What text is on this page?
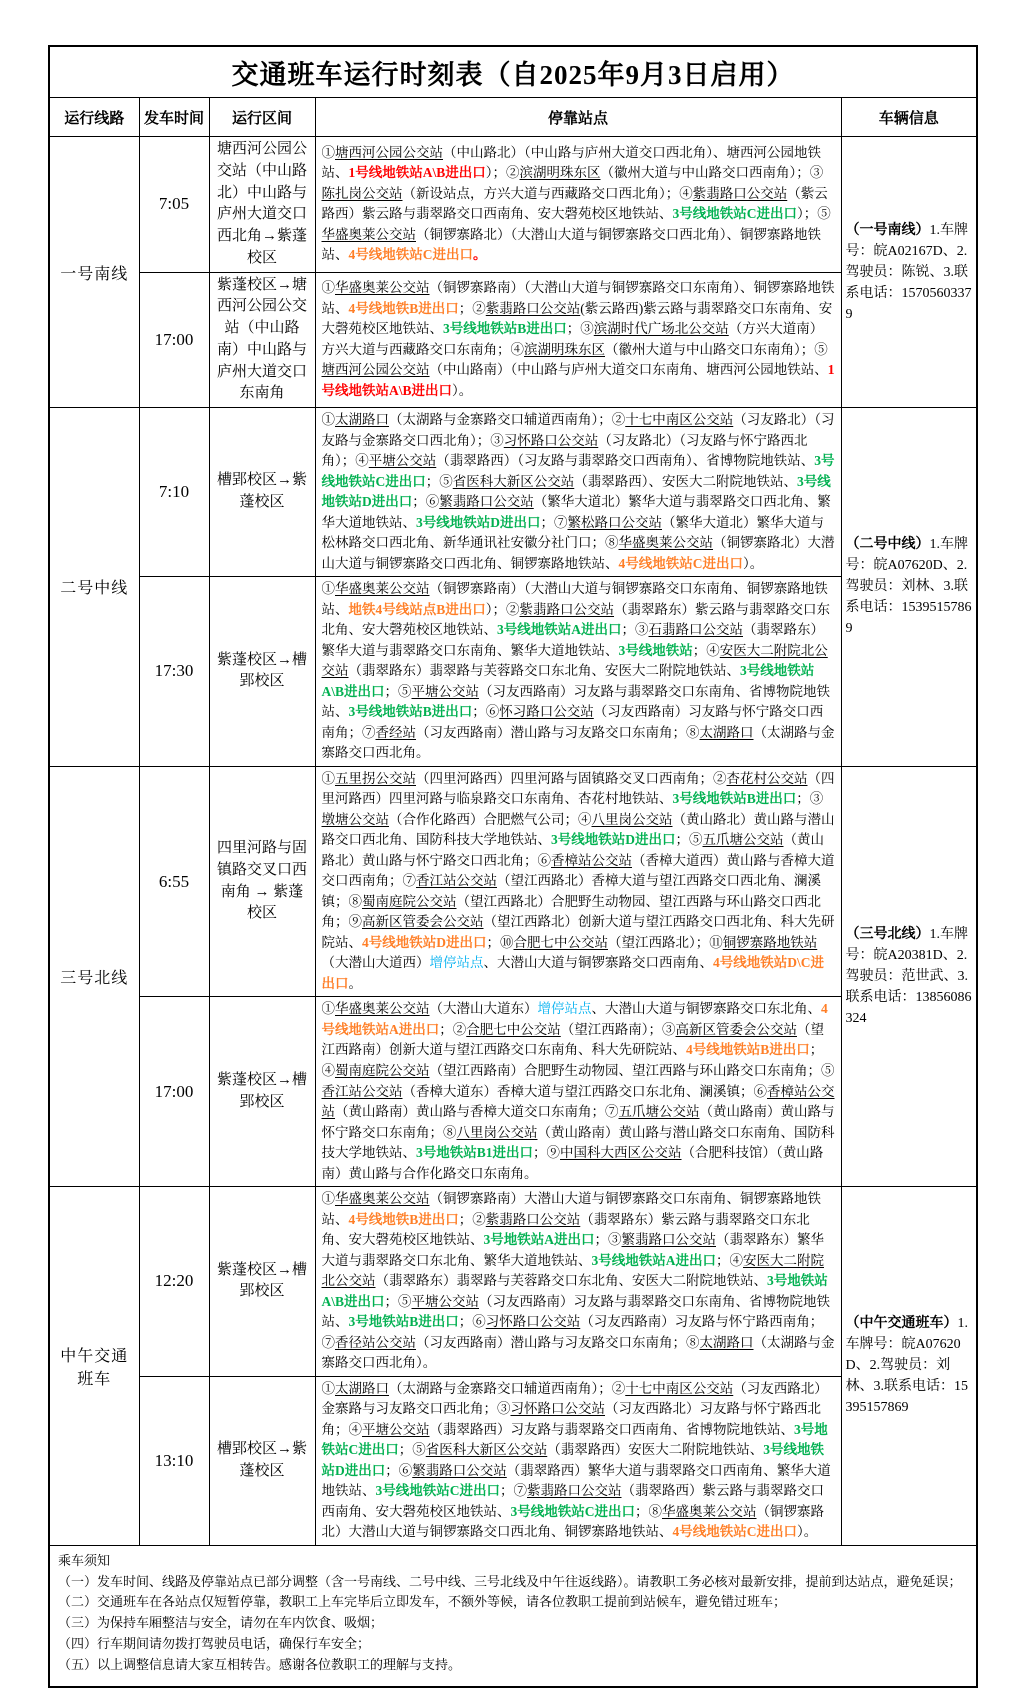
交通班车运行时刻表（自2025年9月3日启用）				
运行线路	发车时间	运行区间	停靠站点	车辆信息
一号南线	7:05	塘西河公园公交站（中山路北）中山路与庐州大道交口西北角→紫蓬校区	①塘西河公园公交站（中山路北）（中山路与庐州大道交口西北角）、塘西河公园地铁站、1号线地铁站A\B进出口）；②滨湖明珠东区（徽州大道与中山路交口西南角）；③陈扎岗公交站（新设站点，方兴大道与西藏路交口西北角）；④紫翡路口公交站（紫云路西）紫云路与翡翠路交口西南角、安大磬苑校区地铁站、3号线地铁站C进出口）；⑤华盛奥莱公交站（铜锣寨路北）（大潜山大道与铜锣寨路交口西北角）、铜锣寨路地铁站、4号线地铁站C进出口。	（一号南线）1.车牌号：皖A02167D、2.驾驶员：陈锐、3.联系电话：15705603379
	17:00	紫蓬校区→塘西河公园公交站（中山路南）中山路与庐州大道交口东南角	①华盛奥莱公交站（铜锣寨路南）（大潜山大道与铜锣寨路交口东南角）、铜锣寨路地铁站、4号线地铁B进出口；②紫翡路口公交站(紫云路西)紫云路与翡翠路交口东南角、安大磬苑校区地铁站、3号线地铁站B进出口；③滨湖时代广场北公交站（方兴大道南）方兴大道与西藏路交口东南角；④滨湖明珠东区（徽州大道与中山路交口东南角）；⑤塘西河公园公交站（中山路南）（中山路与庐州大道交口东南角、塘西河公园地铁站、1号线地铁站A\B进出口）。	
二号中线	7:10	槽郢校区→紫蓬校区	①太湖路口（太湖路与金寨路交口辅道西南角）；②十七中南区公交站（习友路北）（习友路与金寨路交口西北角）；③习怀路口公交站（习友路北）（习友路与怀宁路西北角）；④平塘公交站（翡翠路西）（习友路与翡翠路交口西南角）、省博物院地铁站、3号线地铁站C进出口；⑤省医科大新区公交站（翡翠路西）、安医大二附院地铁站、3号线地铁站D进出口；⑥繁翡路口公交站（繁华大道北）繁华大道与翡翠路交口西北角、繁华大道地铁站、3号线地铁站D进出口；⑦繁松路口公交站（繁华大道北）繁华大道与松林路交口西北角、新华通讯社安徽分社门口；⑧华盛奥莱公交站（铜锣寨路北）大潜山大道与铜锣寨路交口西北角、铜锣寨路地铁站、4号线地铁站C进出口）。	（二号中线）1.车牌号：皖A07620D、2.驾驶员：刘林、3.联系电话：15395157869
	17:30	紫蓬校区→槽郢校区	①华盛奥莱公交站（铜锣寨路南）（大潜山大道与铜锣寨路交口东南角、铜锣寨路地铁站、地铁4号线站点B进出口）；②紫翡路口公交站（翡翠路东）紫云路与翡翠路交口东北角、安大磬苑校区地铁站、3号线地铁站A进出口；③石翡路口公交站（翡翠路东）繁华大道与翡翠路交口东南角、繁华大道地铁站、3号线地铁站；④安医大二附院北公交站（翡翠路东）翡翠路与芙蓉路交口东北角、安医大二附院地铁站、3号线地铁站A\B进出口；⑤平塘公交站（习友西路南）习友路与翡翠路交口东南角、省博物院地铁站、3号线地铁站B进出口；⑥怀习路口公交站（习友西路南）习友路与怀宁路交口西南角；⑦香经站（习友西路南）潜山路与习友路交口东南角；⑧太湖路口（太湖路与金寨路交口西北角。	
三号北线	6:55	四里河路与固镇路交叉口西南角 → 紫蓬校区	①五里拐公交站（四里河路西）四里河路与固镇路交叉口西南角；②杏花村公交站（四里河路西）四里河路与临泉路交口东南角、杏花村地铁站、3号线地铁站B进出口；③墩塘公交站（合作化路西）合肥燃气公司；④八里岗公交站（黄山路北）黄山路与潜山路交口西北角、国防科技大学地铁站、3号线地铁站D进出口；⑤五爪塘公交站（黄山路北）黄山路与怀宁路交口西北角；⑥香樟站公交站（香樟大道西）黄山路与香樟大道交口西南角；⑦香江站公交站（望江西路北）香樟大道与望江西路交口西北角、澜溪镇；⑧蜀南庭院公交站（望江西路北）合肥野生动物园、望江西路与环山路交口西北角；⑨高新区管委会公交站（望江西路北）创新大道与望江西路交口西北角、科大先研院站、4号线地铁站D进出口；⑩合肥七中公交站（望江西路北）；⑪铜锣寨路地铁站（大潜山大道西）增停站点、大潜山大道与铜锣寨路交口西南角、4号线地铁站D\C进出口。	（三号北线）1.车牌号：皖A20381D、2.驾驶员：范世武、3.联系电话：13856086324
	17:00	紫蓬校区→槽郢校区	①华盛奥莱公交站（大潜山大道东）增停站点、大潜山大道与铜锣寨路交口东北角、4号线地铁站A进出口；②合肥七中公交站（望江西路南）；③高新区管委会公交站（望江西路南）创新大道与望江西路交口东南角、科大先研院站、4号线地铁站B进出口；④蜀南庭院公交站（望江西路南）合肥野生动物园、望江西路与环山路交口东南角；⑤香江站公交站（香樟大道东）香樟大道与望江西路交口东北角、澜溪镇；⑥香樟站公交站（黄山路南）黄山路与香樟大道交口东南角；⑦五爪塘公交站（黄山路南）黄山路与怀宁路交口东南角；⑧八里岗公交站（黄山路南）黄山路与潜山路交口东南角、国防科技大学地铁站、3号地铁站B1进出口；⑨中国科大西区公交站（合肥科技馆）（黄山路南）黄山路与合作化路交口东南角。	
中午交通班车	12:20	紫蓬校区→槽郢校区	①华盛奥莱公交站（铜锣寨路南）大潜山大道与铜锣寨路交口东南角、铜锣寨路地铁站、4号线地铁B进出口；②紫翡路口公交站（翡翠路东）紫云路与翡翠路交口东北角、安大磬苑校区地铁站、3号地铁站A进出口；③繁翡路口公交站（翡翠路东）繁华大道与翡翠路交口东北角、繁华大道地铁站、3号线地铁站A进出口；④安医大二附院北公交站（翡翠路东）翡翠路与芙蓉路交口东北角、安医大二附院地铁站、3号地铁站A\B进出口；⑤平塘公交站（习友西路南）习友路与翡翠路交口东南角、省博物院地铁站、3号地铁站B进出口；⑥习怀路口公交站（习友西路南）习友路与怀宁路西南角；⑦香径站公交站（习友西路南）潜山路与习友路交口东南角；⑧太湖路口（太湖路与金寨路交口西北角）。	（中午交通班车）1.车牌号：皖A07620D、2.驾驶员：刘林、3.联系电话：15395157869
	13:10	槽郢校区→紫蓬校区	①太湖路口（太湖路与金寨路交口辅道西南角）；②十七中南区公交站（习友西路北）金寨路与习友路交口西北角；③习怀路口公交站（习友西路北）习友路与怀宁路西北角；④平塘公交站（翡翠路西）习友路与翡翠路交口西南角、省博物院地铁站、3号地铁站C进出口；⑤省医科大新区公交站（翡翠路西）安医大二附院地铁站、3号线地铁站D进出口；⑥繁翡路口公交站（翡翠路西）繁华大道与翡翠路交口西南角、繁华大道地铁站、3号线地铁站C进出口；⑦紫翡路口公交站（翡翠路西）紫云路与翡翠路交口西南角、安大磬苑校区地铁站、3号线地铁站C进出口；⑧华盛奥莱公交站（铜锣寨路北）大潜山大道与铜锣寨路交口西北角、铜锣寨路地铁站、4号线地铁站C进出口）。	

乘车须知
（一）发车时间、线路及停靠站点已部分调整（含一号南线、二号中线、三号北线及中午往返线路）。请教职工务必核对最新安排，提前到达站点，避免延误；
（二）交通班车在各站点仅短暂停靠，教职工上车完毕后立即发车，不额外等候，请各位教职工提前到站候车，避免错过班车；
（三）为保持车厢整洁与安全，请勿在车内饮食、吸烟；
（四）行车期间请勿拨打驾驶员电话，确保行车安全；
（五）以上调整信息请大家互相转告。感谢各位教职工的理解与支持。
